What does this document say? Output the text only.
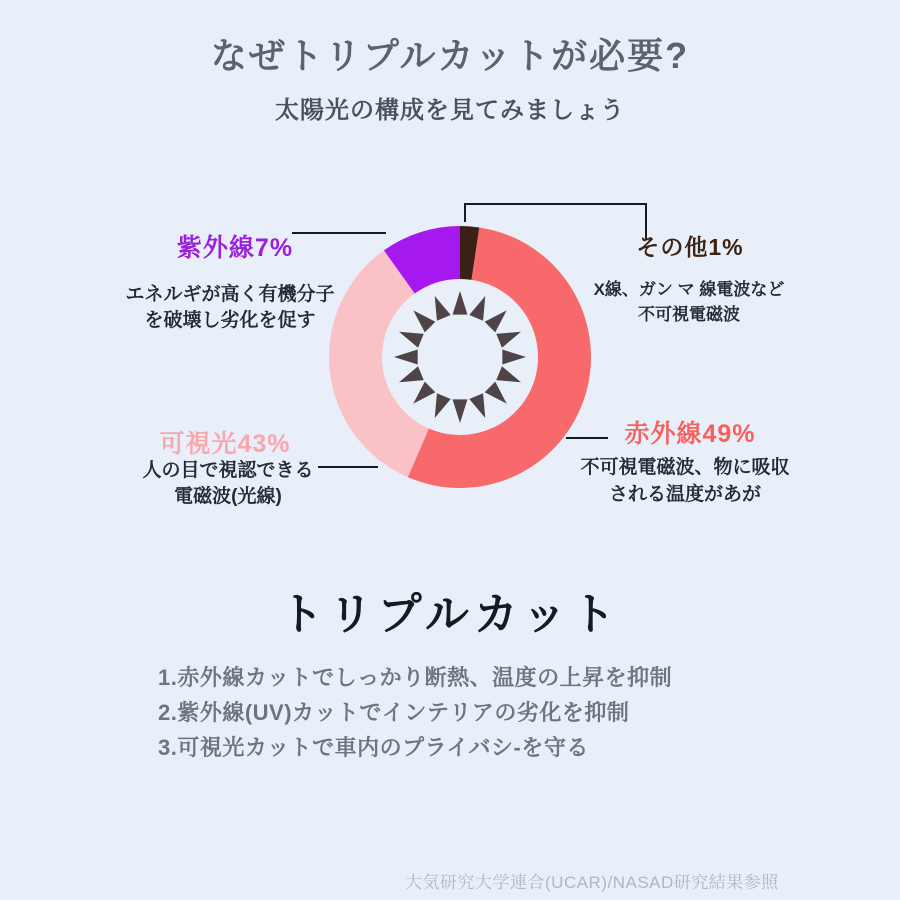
なぜトリプルカットが必要?
太陽光の構成を見てみましょう
紫外線7%
エネルギが高く有機分子
を破壊し劣化を促す
その他1%
X線、ガン マ 線電波など
不可視電磁波
赤外線49%
不可視電磁波、物に吸収
される温度があが
可視光43%
人の目で視認できる
電磁波(光線)
トリプルカット
1.赤外線カットでしっかり断熱、温度の上昇を抑制
2.紫外線(UV)カットでインテリアの劣化を抑制
3.可視光カットで車内のプライバシ-を守る
大気研究大学連合(UCAR)/NASAD研究結果参照
